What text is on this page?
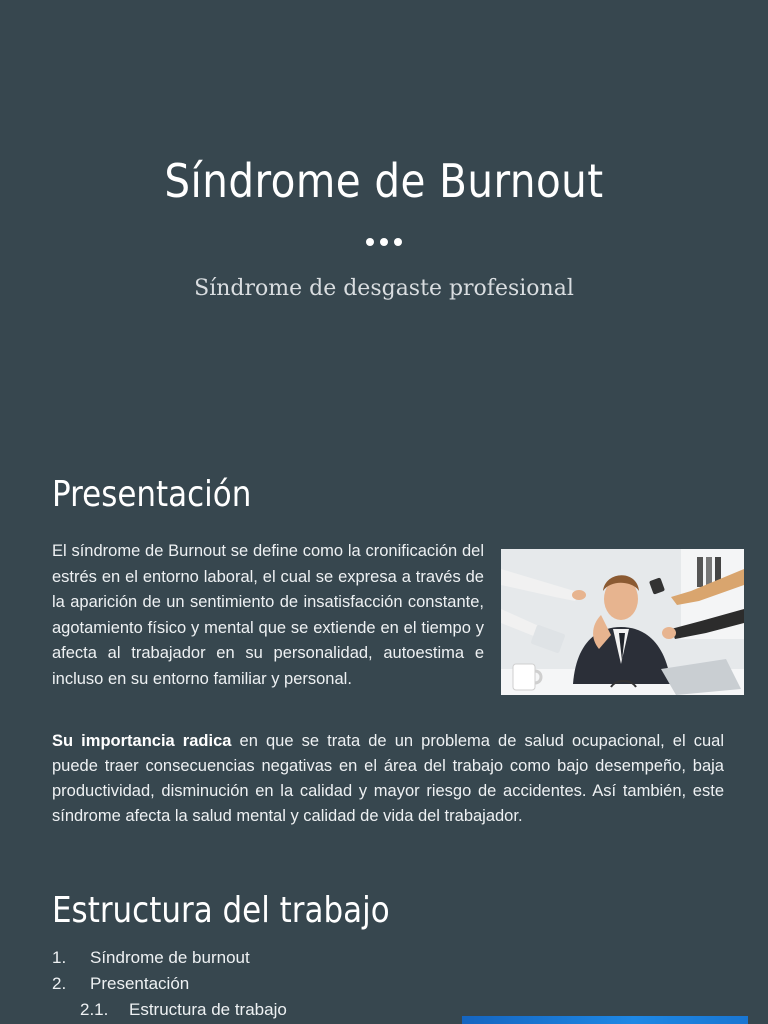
Síndrome de Burnout
Síndrome de desgaste profesional
Presentación
El síndrome de Burnout se define como la cronificación del estrés en el entorno laboral, el cual se expresa a través de la aparición de un sentimiento de insatisfacción constante, agotamiento físico y mental que se extiende en el tiempo y afecta al trabajador en su personalidad, autoestima e incluso en su entorno familiar y personal.
Su importancia radica en que se trata de un problema de salud ocupacional, el cual puede traer consecuencias negativas en el área del trabajo como bajo desempeño, baja productividad, disminución en la calidad y mayor riesgo de accidentes. Así también, este síndrome afecta la salud mental y calidad de vida del trabajador.
Estructura del trabajo
1.	Síndrome de burnout
2.	Presentación
2.1.	Estructura de trabajo
